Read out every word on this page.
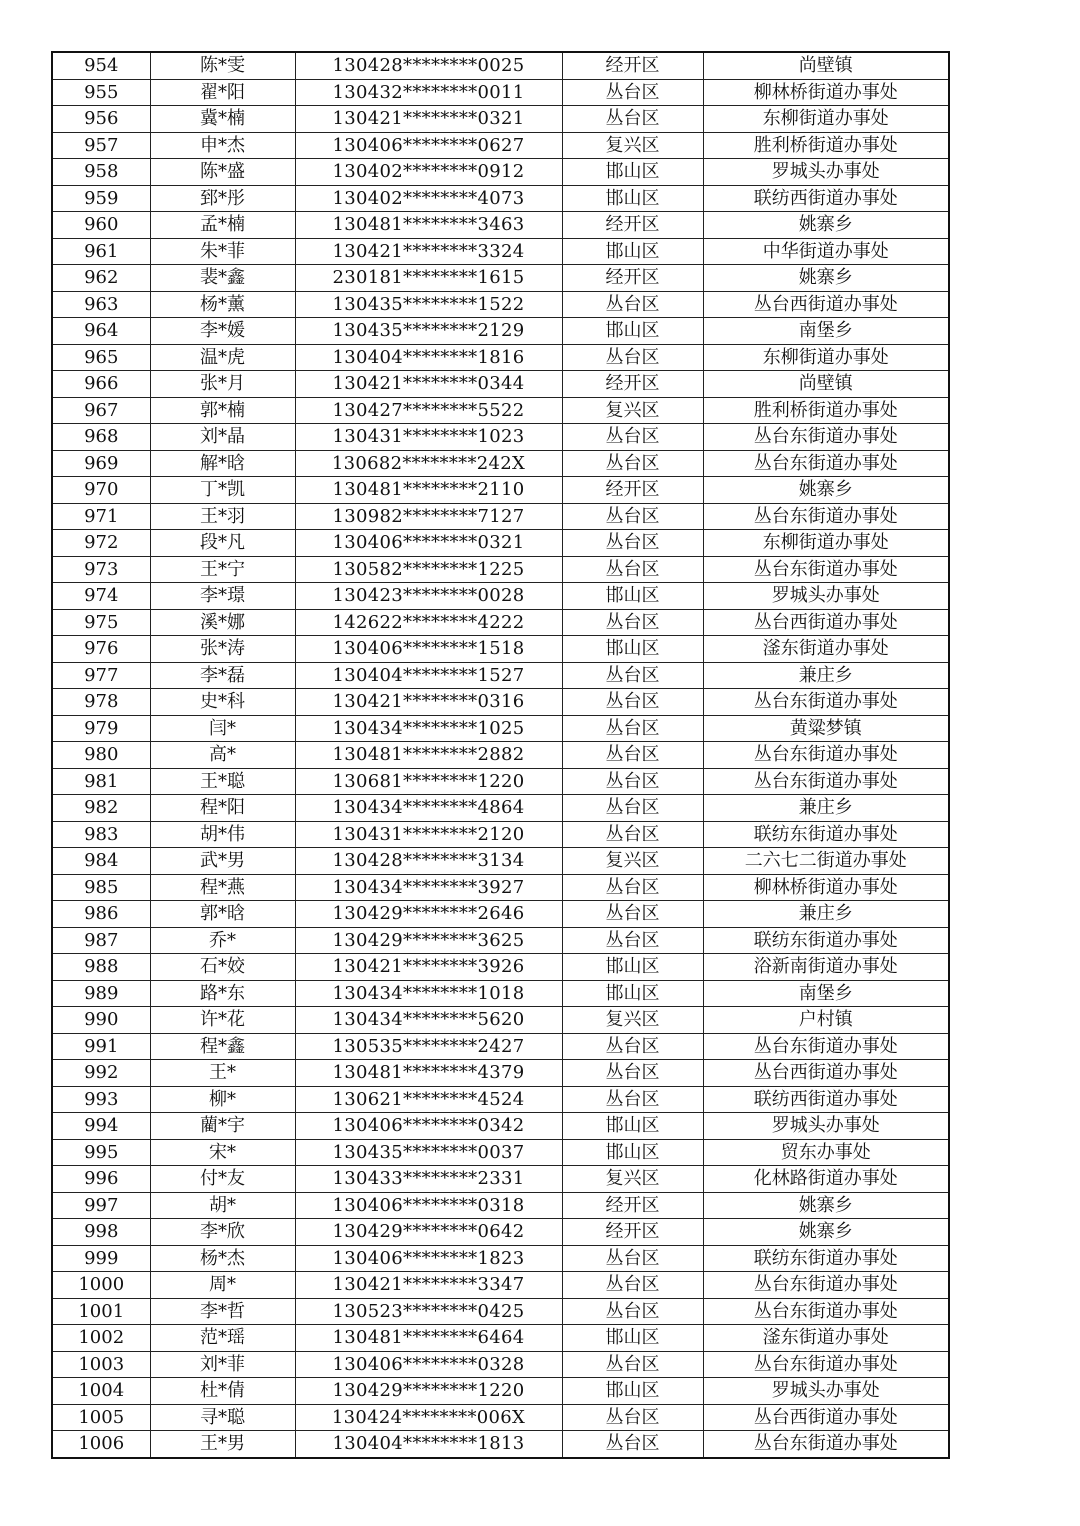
954	陈*雯	130428********0025	经开区	尚壁镇
955	翟*阳	130432********0011	丛台区	柳林桥街道办事处
956	冀*楠	130421********0321	丛台区	东柳街道办事处
957	申*杰	130406********0627	复兴区	胜利桥街道办事处
958	陈*盛	130402********0912	邯山区	罗城头办事处
959	郅*彤	130402********4073	邯山区	联纺西街道办事处
960	孟*楠	130481********3463	经开区	姚寨乡
961	朱*菲	130421********3324	邯山区	中华街道办事处
962	裴*鑫	230181********1615	经开区	姚寨乡
963	杨*薰	130435********1522	丛台区	丛台西街道办事处
964	李*媛	130435********2129	邯山区	南堡乡
965	温*虎	130404********1816	丛台区	东柳街道办事处
966	张*月	130421********0344	经开区	尚壁镇
967	郭*楠	130427********5522	复兴区	胜利桥街道办事处
968	刘*晶	130431********1023	丛台区	丛台东街道办事处
969	解*晗	130682********242X	丛台区	丛台东街道办事处
970	丁*凯	130481********2110	经开区	姚寨乡
971	王*羽	130982********7127	丛台区	丛台东街道办事处
972	段*凡	130406********0321	丛台区	东柳街道办事处
973	王*宁	130582********1225	丛台区	丛台东街道办事处
974	李*璟	130423********0028	邯山区	罗城头办事处
975	溪*娜	142622********4222	丛台区	丛台西街道办事处
976	张*涛	130406********1518	邯山区	滏东街道办事处
977	李*磊	130404********1527	丛台区	兼庄乡
978	史*科	130421********0316	丛台区	丛台东街道办事处
979	闫*	130434********1025	丛台区	黄粱梦镇
980	高*	130481********2882	丛台区	丛台东街道办事处
981	王*聪	130681********1220	丛台区	丛台东街道办事处
982	程*阳	130434********4864	丛台区	兼庄乡
983	胡*伟	130431********2120	丛台区	联纺东街道办事处
984	武*男	130428********3134	复兴区	二六七二街道办事处
985	程*燕	130434********3927	丛台区	柳林桥街道办事处
986	郭*晗	130429********2646	丛台区	兼庄乡
987	乔*	130429********3625	丛台区	联纺东街道办事处
988	石*姣	130421********3926	邯山区	浴新南街道办事处
989	路*东	130434********1018	邯山区	南堡乡
990	许*花	130434********5620	复兴区	户村镇
991	程*鑫	130535********2427	丛台区	丛台东街道办事处
992	王*	130481********4379	丛台区	丛台西街道办事处
993	柳*	130621********4524	丛台区	联纺西街道办事处
994	藺*宇	130406********0342	邯山区	罗城头办事处
995	宋*	130435********0037	邯山区	贸东办事处
996	付*友	130433********2331	复兴区	化林路街道办事处
997	胡*	130406********0318	经开区	姚寨乡
998	李*欣	130429********0642	经开区	姚寨乡
999	杨*杰	130406********1823	丛台区	联纺东街道办事处
1000	周*	130421********3347	丛台区	丛台东街道办事处
1001	李*哲	130523********0425	丛台区	丛台东街道办事处
1002	范*瑶	130481********6464	邯山区	滏东街道办事处
1003	刘*菲	130406********0328	丛台区	丛台东街道办事处
1004	杜*倩	130429********1220	邯山区	罗城头办事处
1005	寻*聪	130424********006X	丛台区	丛台西街道办事处
1006	王*男	130404********1813	丛台区	丛台东街道办事处
